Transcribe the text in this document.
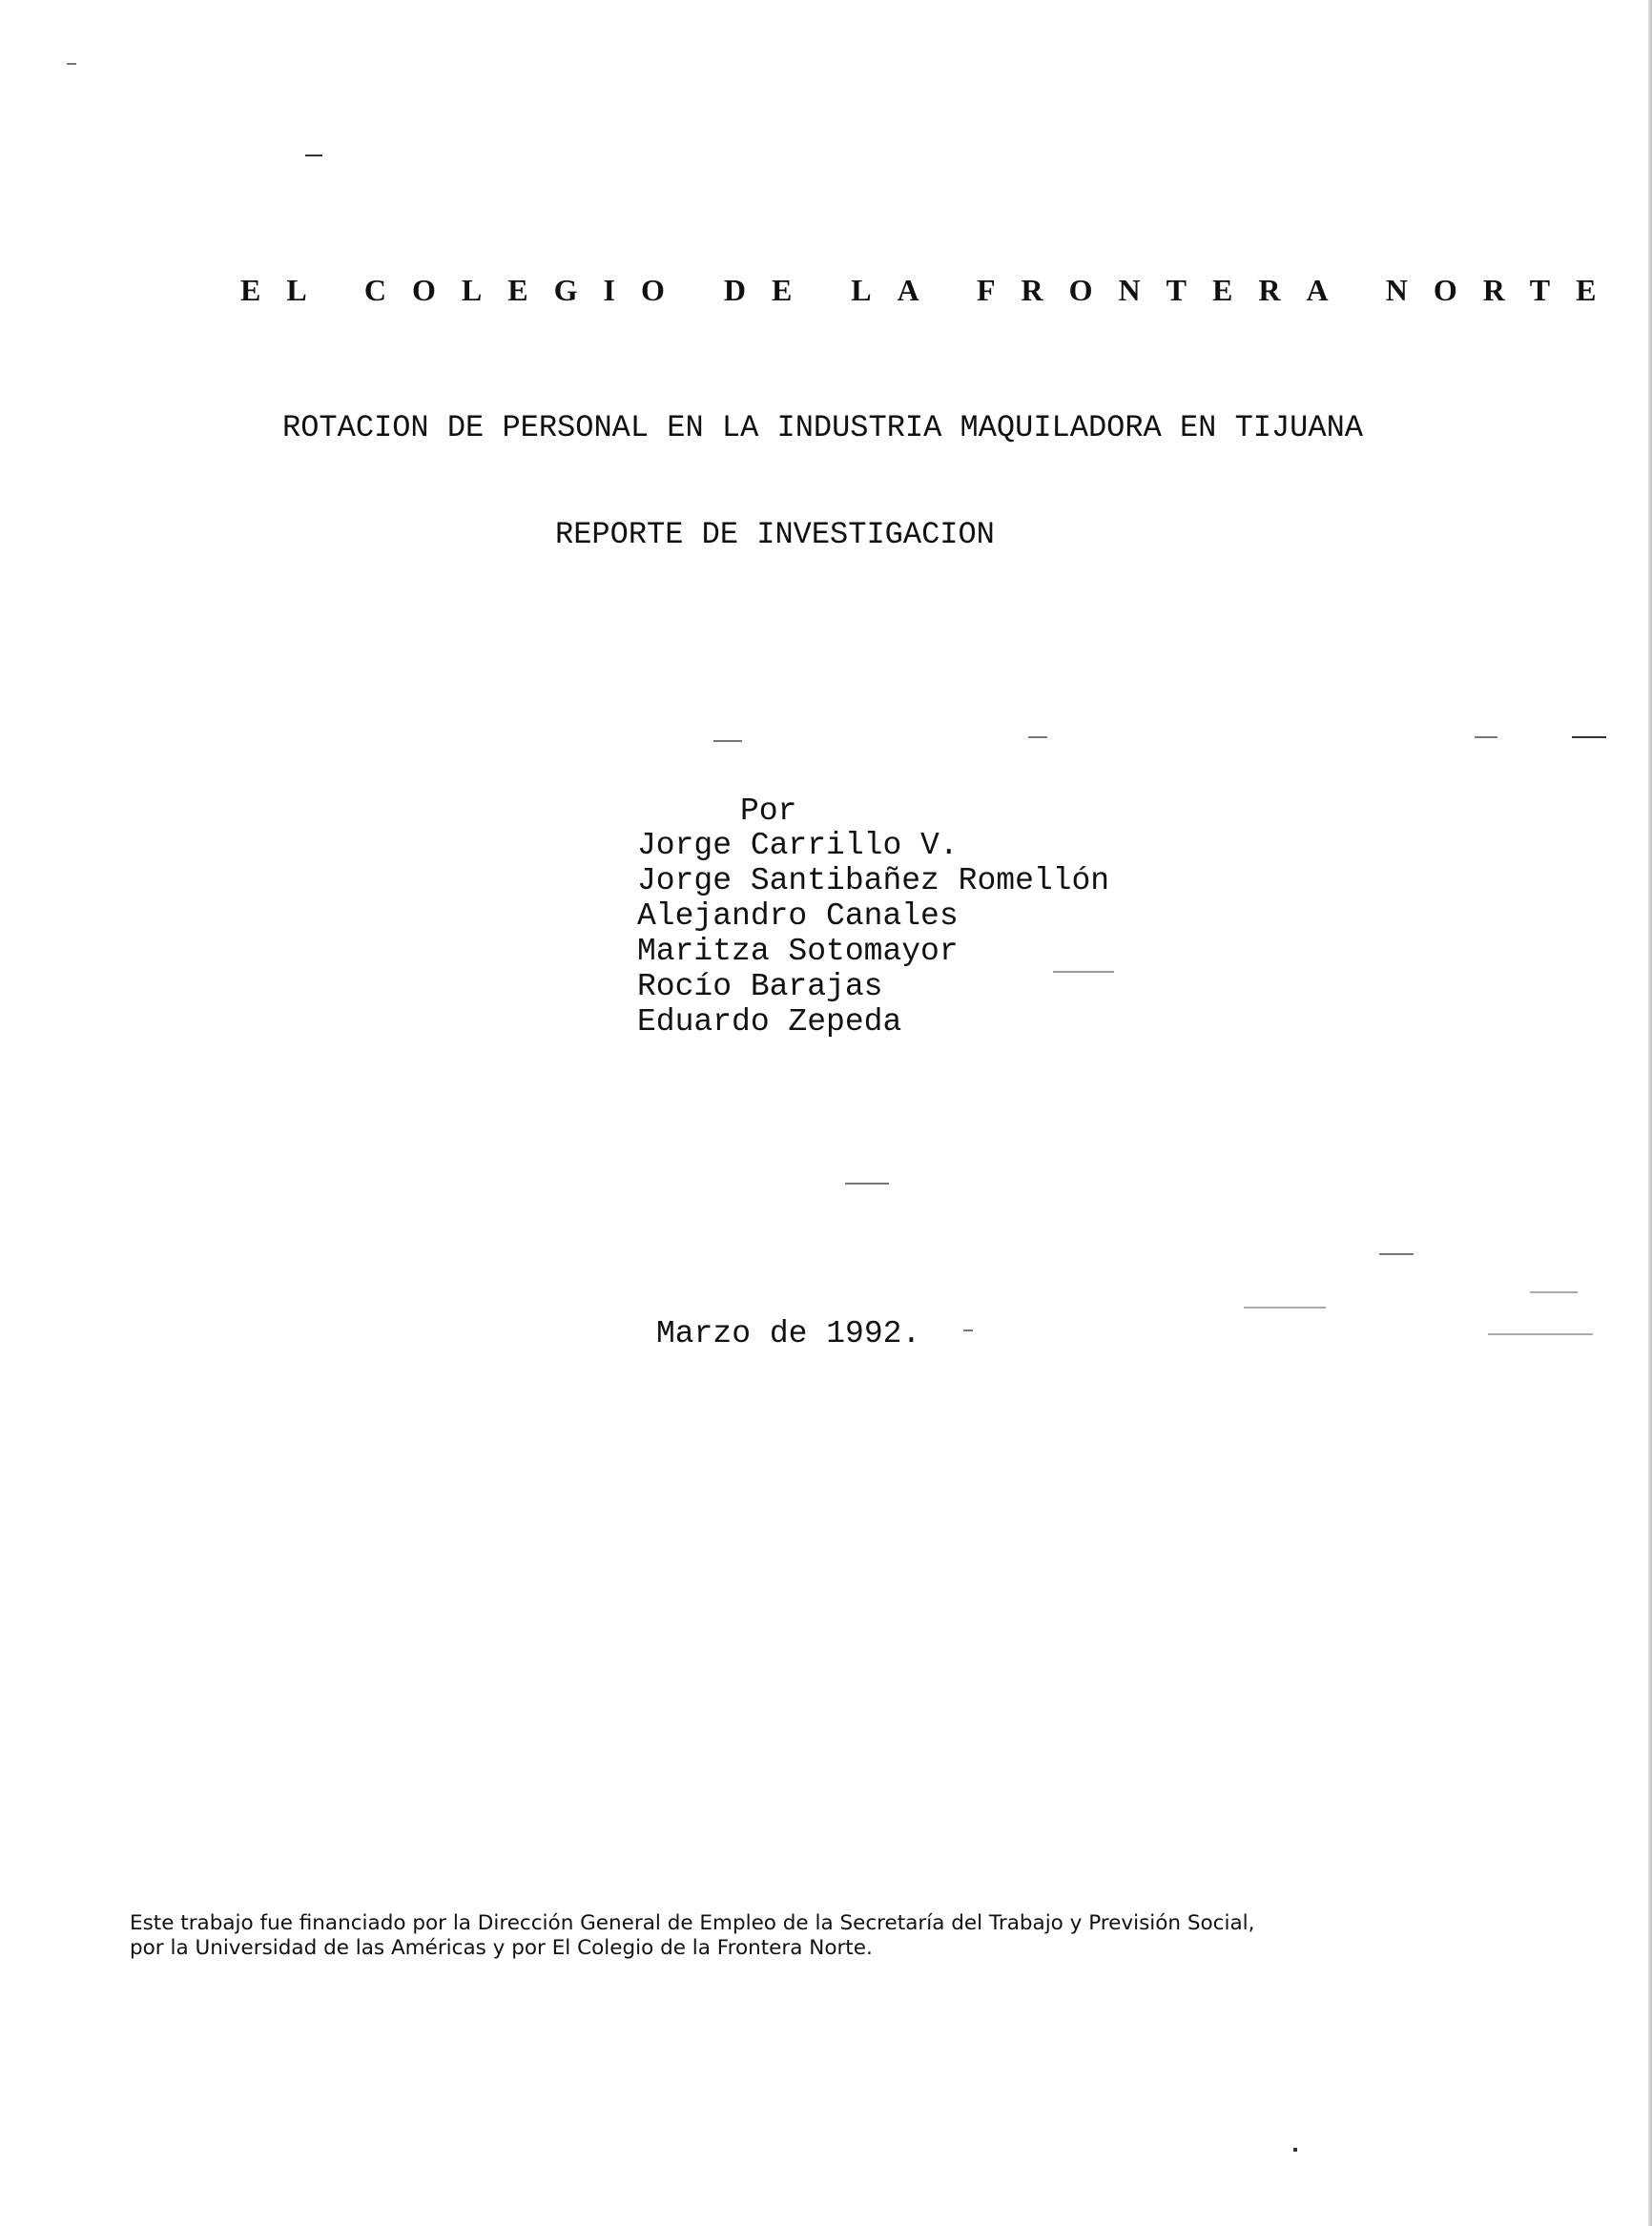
EL COLEGIO DE LA FRONTERA NORTE
ROTACION DE PERSONAL EN LA INDUSTRIA MAQUILADORA EN TIJUANA
REPORTE DE INVESTIGACION
Por
Jorge Carrillo V.
Jorge Santibañez Romellón
Alejandro Canales
Maritza Sotomayor
Rocío Barajas
Eduardo Zepeda
Marzo de 1992.
Este trabajo fue financiado por la Dirección General de Empleo de la Secretaría del Trabajo y Previsión Social,
por la Universidad de las Américas y por El Colegio de la Frontera Norte.
